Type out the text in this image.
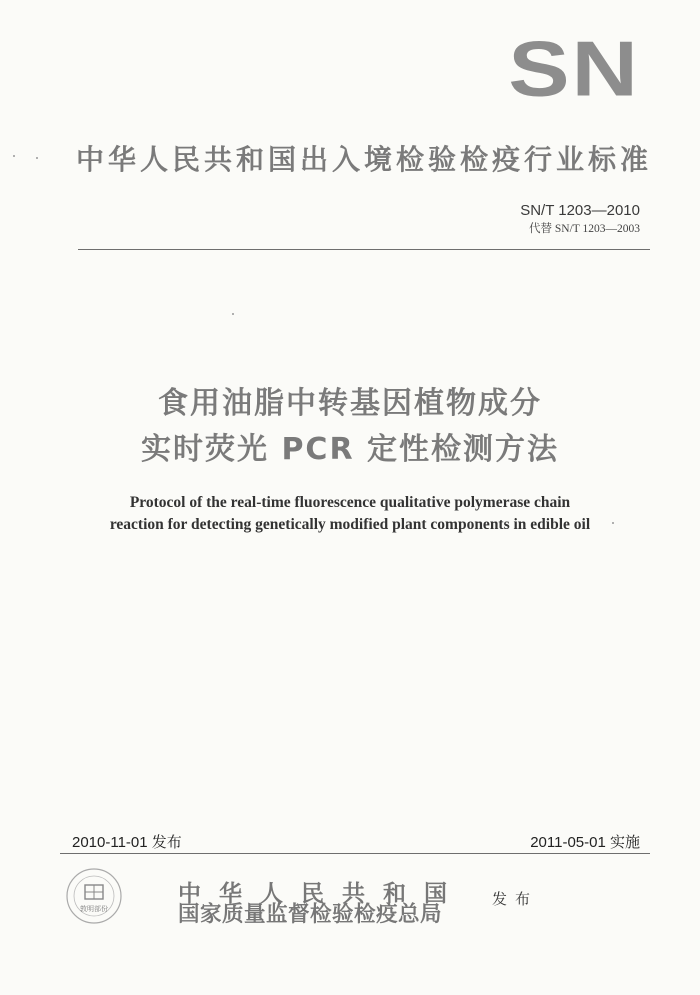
SN
中华人民共和国出入境检验检疫行业标准
SN/T 1203—2010
代替 SN/T 1203—2003
食用油脂中转基因植物成分
实时荧光 PCR 定性检测方法
Protocol of the real-time fluorescence qualitative polymerase chain
reaction for detecting genetically modified plant components in edible oil
2010-11-01 发布	2011-05-01 实施
敦明部份
中华人民共和国
国家质量监督检验检疫总局
发布
